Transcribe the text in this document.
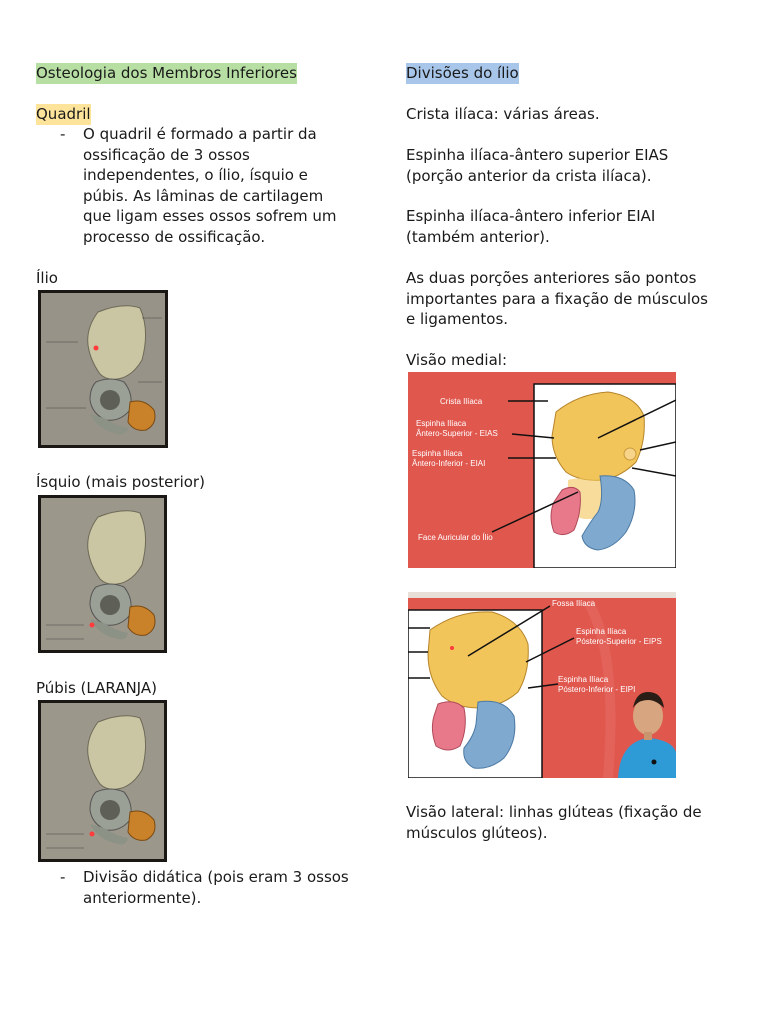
Osteologia dos Membros Inferiores
Quadril
- O quadril é formado a partir da
ossificação de 3 ossos
independentes, o ílio, ísquio e
púbis. As lâminas de cartilagem
que ligam esses ossos sofrem um
processo de ossificação.
Ílio
Ísquio (mais posterior)
Púbis (LARANJA)
- Divisão didática (pois eram 3 ossos
anteriormente).
Divisões do ílio
Crista ilíaca: várias áreas.
Espinha ilíaca-ântero superior EIAS
(porção anterior da crista ilíaca).
Espinha ilíaca-ântero inferior EIAI
(também anterior).
As duas porções anteriores são pontos
importantes para a fixação de músculos
e ligamentos.
Visão medial:
Crista Ilíaca
Espinha Ilíaca
Ântero-Superior - EIAS
Espinha Ilíaca
Ântero-Inferior - EIAI
Face Auricular do Ílio
Fossa Ilíaca
Espinha Ilíaca
Póstero-Superior - EIPS
Espinha Ilíaca
Póstero-Inferior - EIPI
Visão lateral: linhas glúteas (fixação de
músculos glúteos).
